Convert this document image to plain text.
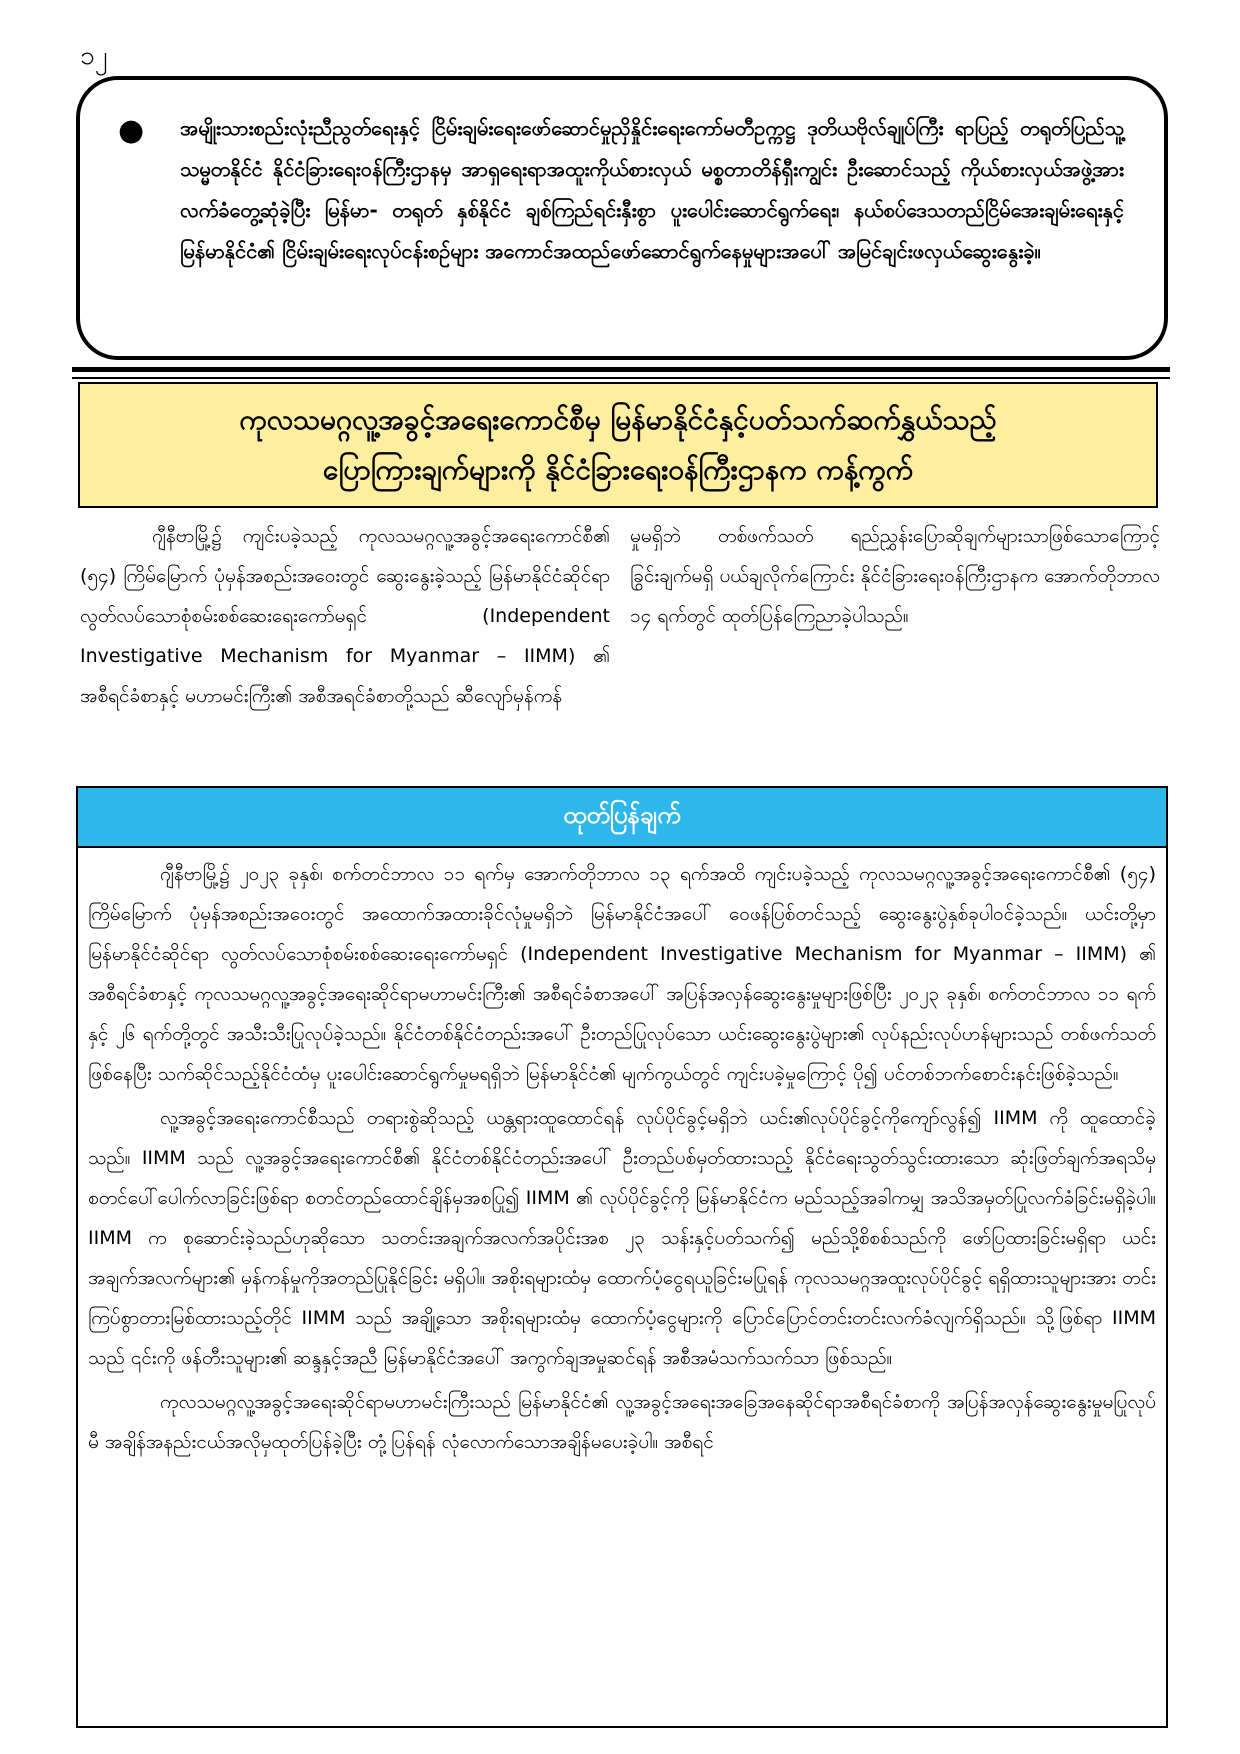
၁၂
● အမျိုးသားစည်းလုံးညီညွတ်ရေးနှင့် ငြိမ်းချမ်းရေးဖော်ဆောင်မှုညှိနှိုင်းရေးကော်မတီဥက္ကဋ္ဌ ဒုတိယဗိုလ်ချုပ်ကြီး ရာပြည့် တရုတ်ပြည်သူ့သမ္မတနိုင်ငံ နိုင်ငံခြားရေးဝန်ကြီးဌာနမှ အာရှရေးရာအထူးကိုယ်စားလှယ် မစ္စတာတိန်ရှီးကျွင်း ဦးဆောင်သည့် ကိုယ်စားလှယ်အဖွဲ့အား လက်ခံတွေ့ဆုံခဲ့ပြီး မြန်မာ- တရုတ် နှစ်နိုင်ငံ ချစ်ကြည်ရင်းနှီးစွာ ပူးပေါင်းဆောင်ရွက်ရေး၊ နယ်စပ်ဒေသတည်ငြိမ်အေးချမ်းရေးနှင့် မြန်မာနိုင်ငံ၏ ငြိမ်းချမ်းရေးလုပ်ငန်းစဉ်များ အကောင်အထည်ဖော်ဆောင်ရွက်နေမှုများအပေါ် အမြင်ချင်းဖလှယ်ဆွေးနွေးခဲ့။

ကုလသမဂ္ဂလူ့အခွင့်အရေးကောင်စီမှ မြန်မာနိုင်ငံနှင့်ပတ်သက်ဆက်နွှယ်သည့်
ပြောကြားချက်များကို နိုင်ငံခြားရေးဝန်ကြီးဌာနက ကန့်ကွက်

ဂျီနီဗာမြို့၌ ကျင်းပခဲ့သည့် ကုလသမဂ္ဂလူ့အခွင့်အရေးကောင်စီ၏ (၅၄) ကြိမ်မြောက် ပုံမှန်အစည်းအဝေးတွင် ဆွေးနွေးခဲ့သည့် မြန်မာနိုင်ငံဆိုင်ရာ လွတ်လပ်သောစုံစမ်းစစ်ဆေးရေးကော်မရှင် (Independent Investigative Mechanism for Myanmar – IIMM) ၏ အစီရင်ခံစာနှင့် မဟာမင်းကြီး၏ အစီအရင်ခံစာတို့သည် ဆီလျော်မှန်ကန်

မှုမရှိဘဲ တစ်ဖက်သတ် ရည်ညွှန်းပြောဆိုချက်များသာဖြစ်သောကြောင့် ခြွင်းချက်မရှိ ပယ်ချလိုက်ကြောင်း နိုင်ငံခြားရေးဝန်ကြီးဌာနက အောက်တိုဘာလ ၁၄ ရက်တွင် ထုတ်ပြန်ကြေညာခဲ့ပါသည်။

ထုတ်ပြန်ချက်

ဂျီနီဗာမြို့၌ ၂၀၂၃ ခုနှစ်၊ စက်တင်ဘာလ ၁၁ ရက်မှ အောက်တိုဘာလ ၁၃ ရက်အထိ ကျင်းပခဲ့သည့် ကုလသမဂ္ဂလူ့အခွင့်အရေးကောင်စီ၏ (၅၄) ကြိမ်မြောက် ပုံမှန်အစည်းအဝေးတွင် အထောက်အထားခိုင်လုံမှုမရှိဘဲ မြန်မာနိုင်ငံအပေါ် ဝေဖန်ပြစ်တင်သည့် ဆွေးနွေးပွဲနှစ်ခုပါဝင်ခဲ့သည်။ ယင်းတို့မှာ မြန်မာနိုင်ငံဆိုင်ရာ လွတ်လပ်သောစုံစမ်းစစ်ဆေးရေးကော်မရှင် (Independent Investigative Mechanism for Myanmar – IIMM) ၏ အစီရင်ခံစာနှင့် ကုလသမဂ္ဂလူ့အခွင့်အရေးဆိုင်ရာမဟာမင်းကြီး၏ အစီရင်ခံစာအပေါ် အပြန်အလှန်ဆွေးနွေးမှုများဖြစ်ပြီး ၂၀၂၃ ခုနှစ်၊ စက်တင်ဘာလ ၁၁ ရက်နှင့် ၂၆ ရက်တို့တွင် အသီးသီးပြုလုပ်ခဲ့သည်။ နိုင်ငံတစ်နိုင်ငံတည်းအပေါ် ဦးတည်ပြုလုပ်သော ယင်းဆွေးနွေးပွဲများ၏ လုပ်နည်းလုပ်ဟန်များသည် တစ်ဖက်သတ်ဖြစ်နေပြီး သက်ဆိုင်သည့်နိုင်ငံထံမှ ပူးပေါင်းဆောင်ရွက်မှုမရရှိဘဲ မြန်မာနိုင်ငံ၏ မျက်ကွယ်တွင် ကျင်းပခဲ့မှုကြောင့် ပို၍ ပင်တစ်ဘက်စောင်းနင်းဖြစ်ခဲ့သည်။

လူ့အခွင့်အရေးကောင်စီသည် တရားစွဲဆိုသည့် ယန္တရားထူထောင်ရန် လုပ်ပိုင်ခွင့်မရှိဘဲ ယင်း၏လုပ်ပိုင်ခွင့်ကိုကျော်လွန်၍ IIMM ကို ထူထောင်ခဲ့သည်။ IIMM သည် လူ့အခွင့်အရေးကောင်စီ၏ နိုင်ငံတစ်နိုင်ငံတည်းအပေါ် ဦးတည်ပစ်မှတ်ထားသည့် နိုင်ငံရေးသွတ်သွင်းထားသော ဆုံးဖြတ်ချက်အရသိမှ စတင်ပေါ်ပေါက်လာခြင်းဖြစ်ရာ စတင်တည်ထောင်ချိန်မှအစပြု၍ IIMM ၏ လုပ်ပိုင်ခွင့်ကို မြန်မာနိုင်ငံက မည်သည့်အခါကမျှ အသိအမှတ်ပြုလက်ခံခြင်းမရှိခဲ့ပါ။ IIMM က စုဆောင်းခဲ့သည်ဟုဆိုသော သတင်းအချက်အလက်အပိုင်းအစ ၂၃ သန်းနှင့်ပတ်သက်၍ မည်သို့စိစစ်သည်ကို ဖော်ပြထားခြင်းမရှိရာ ယင်းအချက်အလက်များ၏ မှန်ကန်မှုကိုအတည်ပြုနိုင်ခြင်း မရှိပါ။ အစိုးရများထံမှ ထောက်ပံ့ငွေရယူခြင်းမပြုရန် ကုလသမဂ္ဂအထူးလုပ်ပိုင်ခွင့် ရရှိထားသူများအား တင်းကြပ်စွာတားမြစ်ထားသည့်တိုင် IIMM သည် အချို့သော အစိုးရများထံမှ ထောက်ပံ့ငွေများကို ပြောင်ပြောင်တင်းတင်းလက်ခံလျက်ရှိသည်။ သို့ဖြစ်ရာ IIMM သည် ၎င်းကို ဖန်တီးသူများ၏ ဆန္ဒနှင့်အညီ မြန်မာနိုင်ငံအပေါ် အကွက်ချအမှုဆင်ရန် အစီအမံသက်သက်သာ ဖြစ်သည်။

ကုလသမဂ္ဂလူ့အခွင့်အရေးဆိုင်ရာမဟာမင်းကြီးသည် မြန်မာနိုင်ငံ၏ လူ့အခွင့်အရေးအခြေအနေဆိုင်ရာအစီရင်ခံစာကို အပြန်အလှန်ဆွေးနွေးမှုမပြုလုပ်မီ အချိန်အနည်းငယ်အလိုမှထုတ်ပြန်ခဲ့ပြီး တုံ့ပြန်ရန် လုံလောက်သောအချိန်မပေးခဲ့ပါ။ အစီရင်
